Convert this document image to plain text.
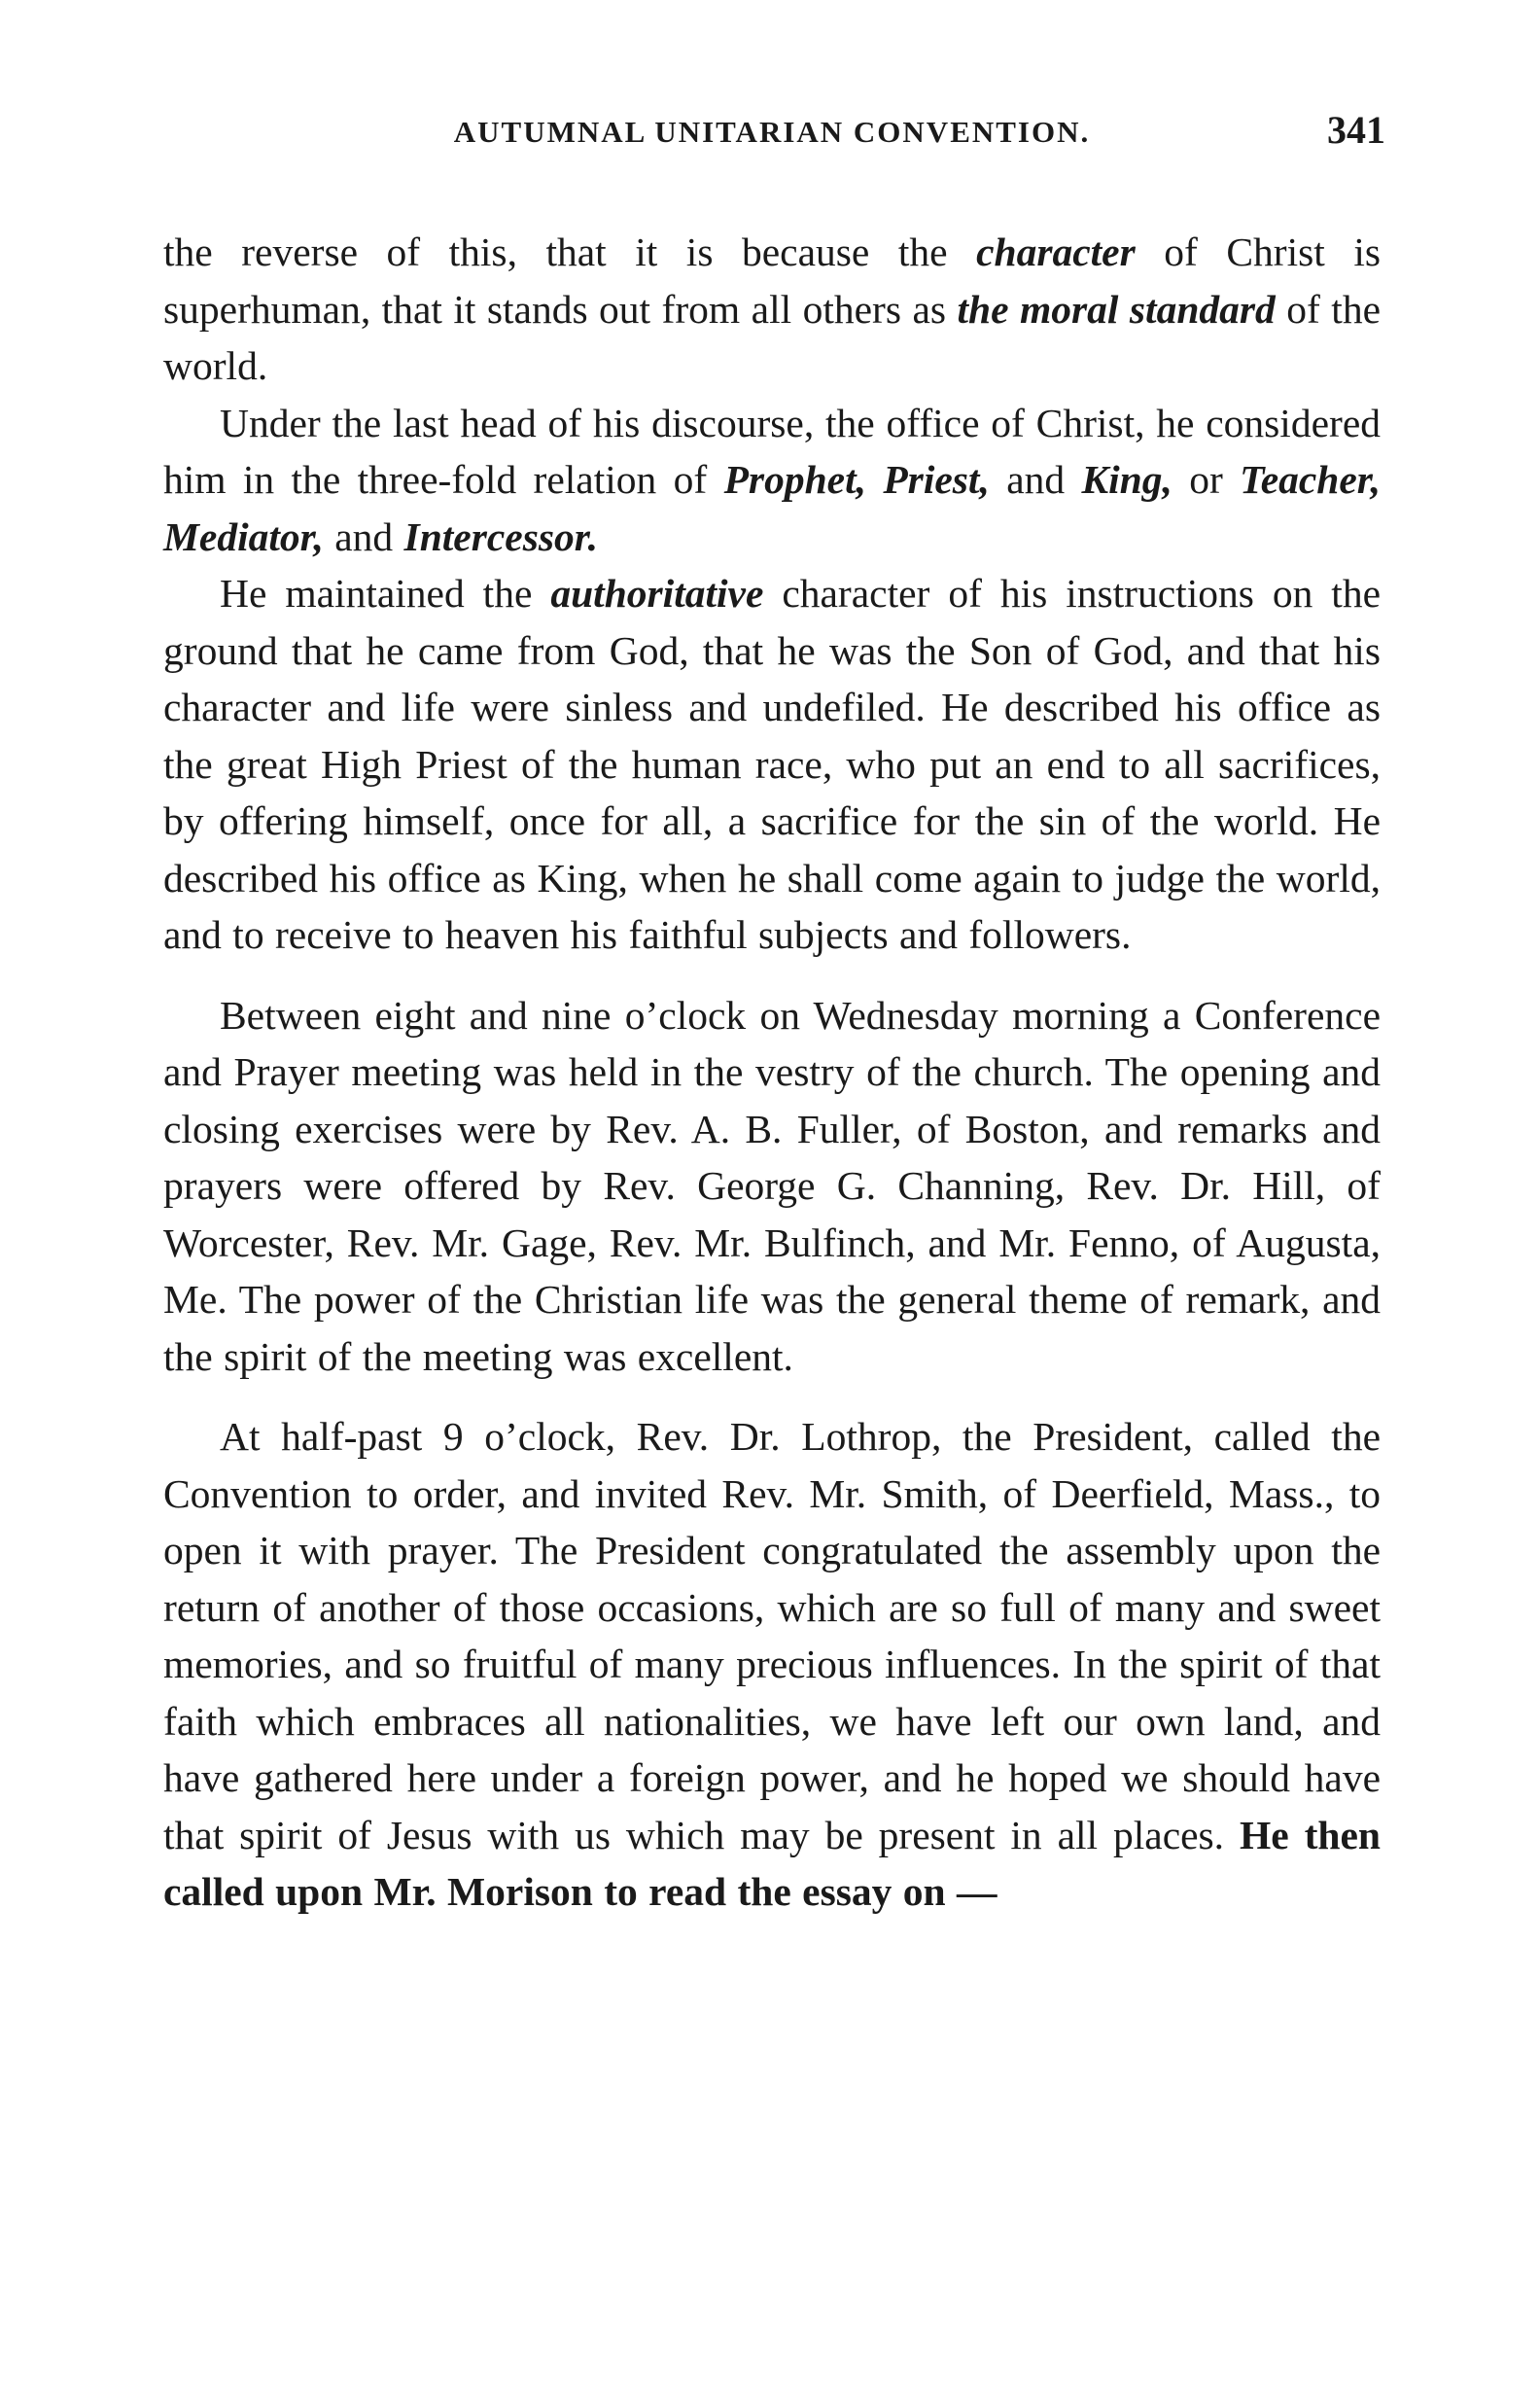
AUTUMNAL UNITARIAN CONVENTION.	341

the reverse of this, that it is because the character of Christ is superhuman, that it stands out from all others as the moral standard of the world.

Under the last head of his discourse, the office of Christ, he considered him in the three-fold relation of Prophet, Priest, and King, or Teacher, Mediator, and Intercessor.

He maintained the authoritative character of his instructions on the ground that he came from God, that he was the Son of God, and that his character and life were sinless and undefiled. He described his office as the great High Priest of the human race, who put an end to all sacrifices, by offering himself, once for all, a sacrifice for the sin of the world. He described his office as King, when he shall come again to judge the world, and to receive to heaven his faithful subjects and followers.

Between eight and nine o’clock on Wednesday morning a Conference and Prayer meeting was held in the vestry of the church. The opening and closing exercises were by Rev. A. B. Fuller, of Boston, and remarks and prayers were offered by Rev. George G. Channing, Rev. Dr. Hill, of Worcester, Rev. Mr. Gage, Rev. Mr. Bulfinch, and Mr. Fenno, of Augusta, Me. The power of the Christian life was the general theme of remark, and the spirit of the meeting was excellent.

At half-past 9 o’clock, Rev. Dr. Lothrop, the President, called the Convention to order, and invited Rev. Mr. Smith, of Deerfield, Mass., to open it with prayer. The President congratulated the assembly upon the return of another of those occasions, which are so full of many and sweet memories, and so fruitful of many precious influences. In the spirit of that faith which embraces all nationalities, we have left our own land, and have gathered here under a foreign power, and he hoped we should have that spirit of Jesus with us which may be present in all places. He then called upon Mr. Morison to read the essay on —
